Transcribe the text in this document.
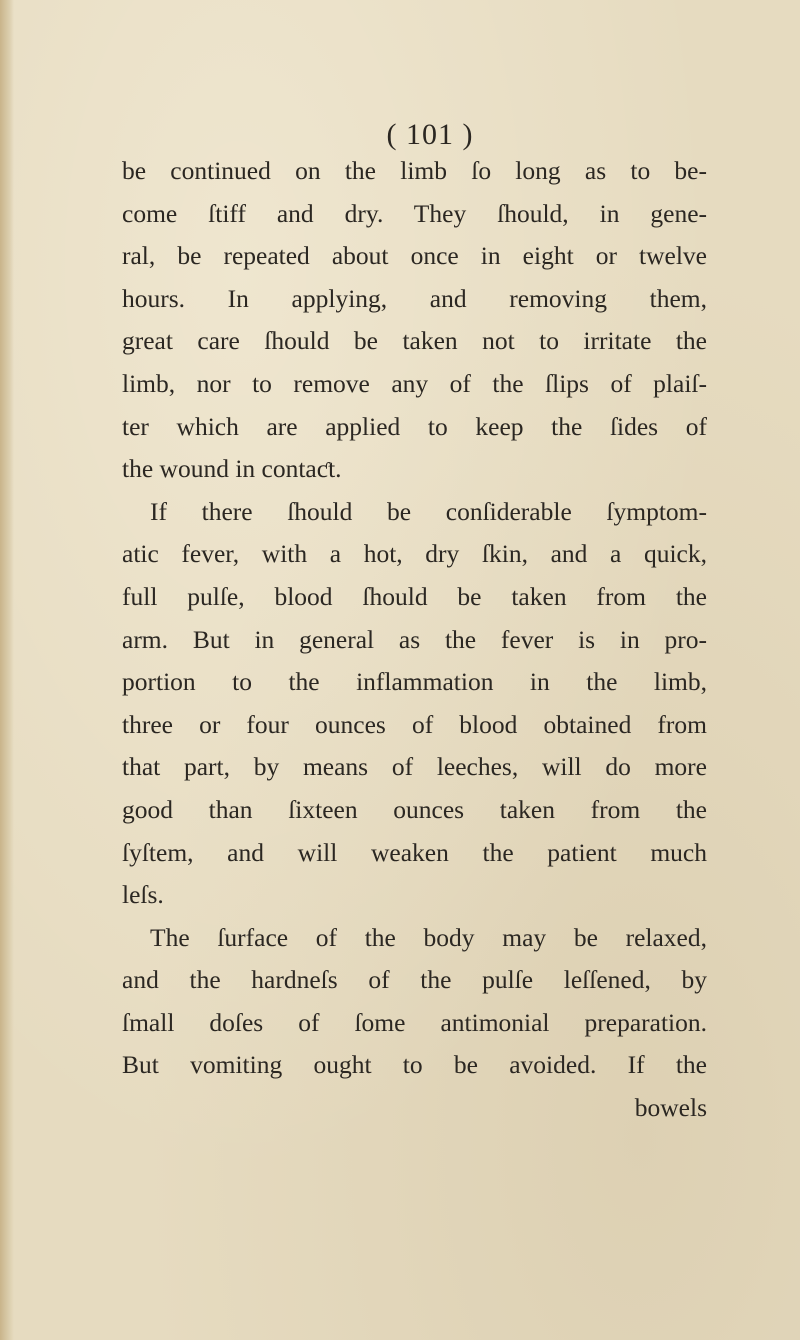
( 101 )
be continued on the limb ſo long as to be-
come ſtiff and dry. They ſhould, in gene-
ral, be repeated about once in eight or twelve
hours. In applying, and removing them,
great care ſhould be taken not to irritate the
limb, nor to remove any of the ſlips of plaiſ-
ter which are applied to keep the ſides of
the wound in contaƈt.
If there ſhould be conſiderable ſymptom-
atic fever, with a hot, dry ſkin, and a quick,
full pulſe, blood ſhould be taken from the
arm. But in general as the fever is in pro-
portion to the inflammation in the limb,
three or four ounces of blood obtained from
that part, by means of leeches, will do more
good than ſixteen ounces taken from the
ſyſtem, and will weaken the patient much
leſs.
The ſurface of the body may be relaxed,
and the hardneſs of the pulſe leſſened, by
ſmall doſes of ſome antimonial preparation.
But vomiting ought to be avoided. If the
bowels
